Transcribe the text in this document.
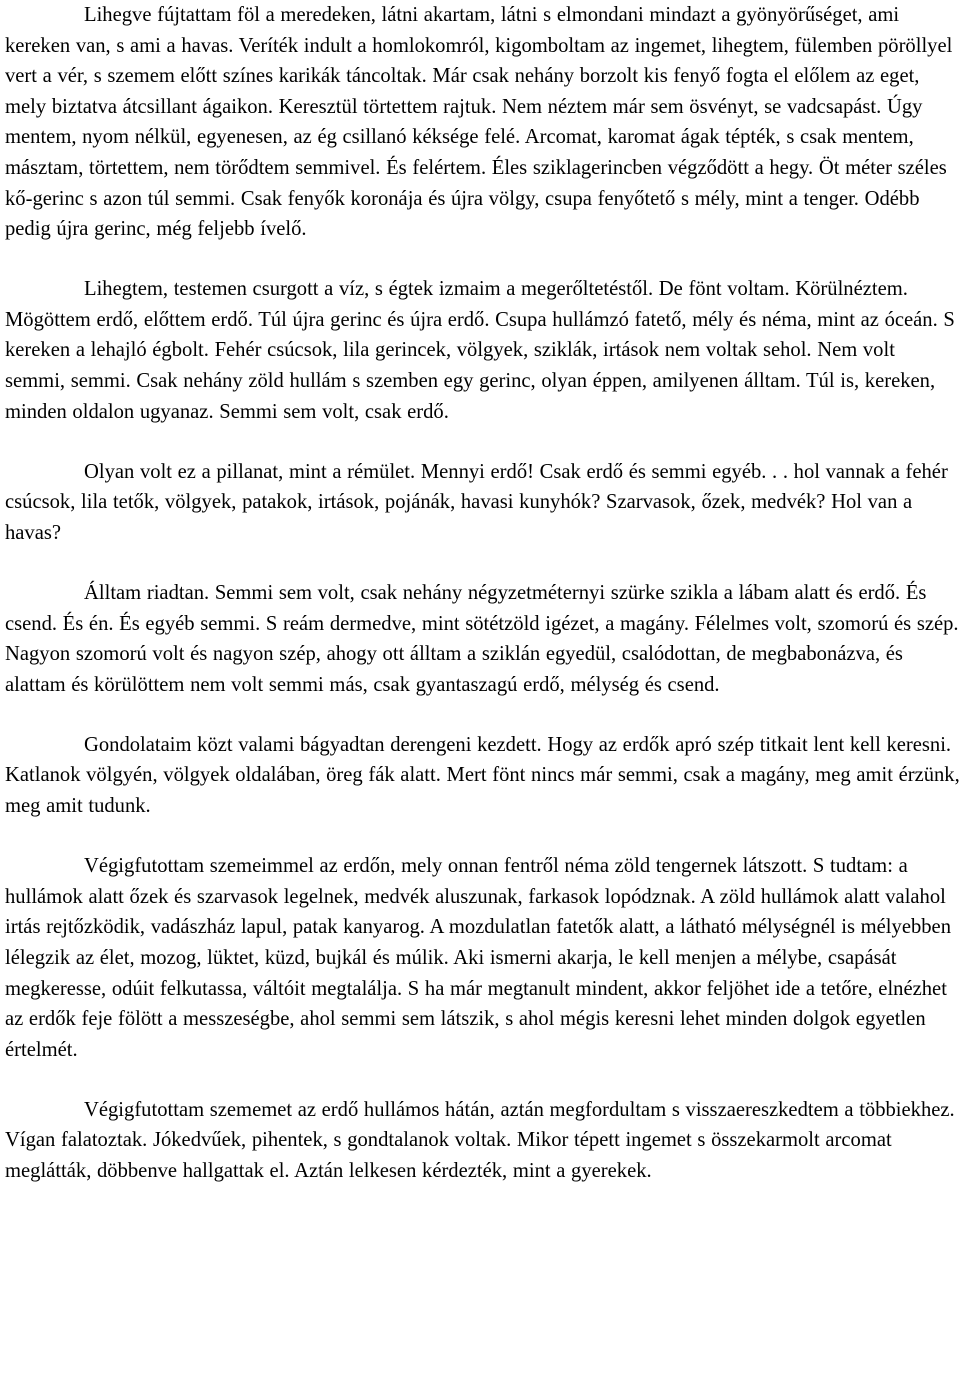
Lihegve fújtattam föl a meredeken, látni akartam, látni s elmondani mindazt a gyönyörűséget, ami kereken van, s ami a havas. Veríték indult a homlokomról, kigomboltam az ingemet, lihegtem, fülemben pöröllyel vert a vér, s szemem előtt színes karikák táncoltak. Már csak nehány borzolt kis fenyő fogta el előlem az eget, mely biztatva átcsillant ágaikon. Keresztül törtettem rajtuk. Nem néztem már sem ösvényt, se vadcsapást. Úgy mentem, nyom nélkül, egyenesen, az ég csillanó kéksége felé. Arcomat, karomat ágak tépték, s csak mentem, másztam, törtettem, nem törődtem semmivel. És felértem. Éles sziklagerincben végződött a hegy. Öt méter széles kő-gerinc s azon túl semmi. Csak fenyők koronája és újra völgy, csupa fenyőtető s mély, mint a tenger. Odébb pedig újra gerinc, még feljebb ívelő.

Lihegtem, testemen csurgott a víz, s égtek izmaim a megerőltetéstől. De fönt voltam. Körülnéztem. Mögöttem erdő, előttem erdő. Túl újra gerinc és újra erdő. Csupa hullámzó fatető, mély és néma, mint az óceán. S kereken a lehajló égbolt. Fehér csúcsok, lila gerincek, völgyek, sziklák, irtások nem voltak sehol. Nem volt semmi, semmi. Csak nehány zöld hullám s szemben egy gerinc, olyan éppen, amilyenen álltam. Túl is, kereken, minden oldalon ugyanaz. Semmi sem volt, csak erdő.

Olyan volt ez a pillanat, mint a rémület. Mennyi erdő! Csak erdő és semmi egyéb. . . hol vannak a fehér csúcsok, lila tetők, völgyek, patakok, irtások, pojánák, havasi kunyhók? Szarvasok, őzek, medvék? Hol van a havas?

Álltam riadtan. Semmi sem volt, csak nehány négyzetméternyi szürke szikla a lábam alatt és erdő. És csend. És én. És egyéb semmi. S reám dermedve, mint sötétzöld igézet, a magány. Félelmes volt, szomorú és szép. Nagyon szomorú volt és nagyon szép, ahogy ott álltam a sziklán egyedül, csalódottan, de megbabonázva, és alattam és körülöttem nem volt semmi más, csak gyantaszagú erdő, mélység és csend.

Gondolataim közt valami bágyadtan derengeni kezdett. Hogy az erdők apró szép titkait lent kell keresni. Katlanok völgyén, völgyek oldalában, öreg fák alatt. Mert fönt nincs már semmi, csak a magány, meg amit érzünk, meg amit tudunk.

Végigfutottam szemeimmel az erdőn, mely onnan fentről néma zöld tengernek látszott. S tudtam: a hullámok alatt őzek és szarvasok legelnek, medvék aluszunak, farkasok lopódznak. A zöld hullámok alatt valahol irtás rejtőzködik, vadászház lapul, patak kanyarog. A mozdulatlan fatetők alatt, a látható mélységnél is mélyebben lélegzik az élet, mozog, lüktet, küzd, bujkál és múlik. Aki ismerni akarja, le kell menjen a mélybe, csapását megkeresse, odúit felkutassa, váltóit megtalálja. S ha már megtanult mindent, akkor feljöhet ide a tetőre, elnézhet az erdők feje fölött a messzeségbe, ahol semmi sem látszik, s ahol mégis keresni lehet minden dolgok egyetlen értelmét.

Végigfutottam szememet az erdő hullámos hátán, aztán megfordultam s visszaereszkedtem a többiekhez. Vígan falatoztak. Jókedvűek, pihentek, s gondtalanok voltak. Mikor tépett ingemet s összekarmolt arcomat meglátták, döbbenve hallgattak el. Aztán lelkesen kérdezték, mint a gyerekek.
